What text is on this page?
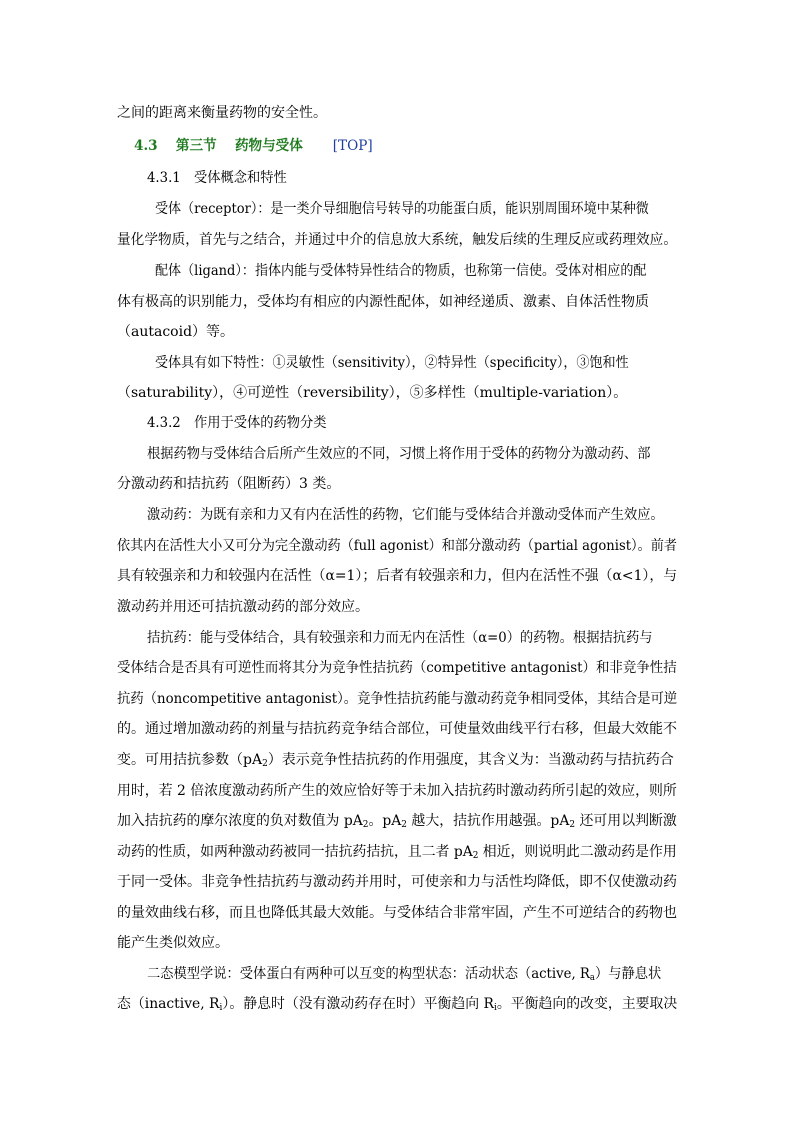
之间的距离来衡量药物的安全性。
4.3 第三节 药物与受体 [TOP]
4.3.1　受体概念和特性
受体（receptor）：是一类介导细胞信号转导的功能蛋白质，能识别周围环境中某种微
量化学物质，首先与之结合，并通过中介的信息放大系统，触发后续的生理反应或药理效应。
配体（ligand）：指体内能与受体特异性结合的物质，也称第一信使。受体对相应的配
体有极高的识别能力，受体均有相应的内源性配体，如神经递质、激素、自体活性物质
（autacoid）等。
受体具有如下特性：①灵敏性（sensitivity），②特异性（specificity），③饱和性
（saturability），④可逆性（reversibility），⑤多样性（multiple-variation）。
4.3.2　作用于受体的药物分类
根据药物与受体结合后所产生效应的不同，习惯上将作用于受体的药物分为激动药、部
分激动药和拮抗药（阻断药）3 类。
激动药：为既有亲和力又有内在活性的药物，它们能与受体结合并激动受体而产生效应。
依其内在活性大小又可分为完全激动药（full agonist）和部分激动药（partial agonist）。前者
具有较强亲和力和较强内在活性（α=1）；后者有较强亲和力，但内在活性不强（α<1），与
激动药并用还可拮抗激动药的部分效应。
拮抗药：能与受体结合，具有较强亲和力而无内在活性（α=0）的药物。根据拮抗药与
受体结合是否具有可逆性而将其分为竞争性拮抗药（competitive antagonist）和非竞争性拮
抗药（noncompetitive antagonist）。竞争性拮抗药能与激动药竞争相同受体，其结合是可逆
的。通过增加激动药的剂量与拮抗药竞争结合部位，可使量效曲线平行右移，但最大效能不
变。可用拮抗参数$(pA_2)$表示竞争性拮抗药的作用强度，其含义为：当激动药与拮抗药合
用时，若 2 倍浓度激动药所产生的效应恰好等于未加入拮抗药时激动药所引起的效应，则所
加入拮抗药的摩尔浓度的负对数值为 $pA_2$。$pA_2$ 越大，拮抗作用越强。$pA_2$ 还可用以判断激
动药的性质，如两种激动药被同一拮抗药拮抗，且二者 $pA_2$ 相近，则说明此二激动药是作用
于同一受体。非竞争性拮抗药与激动药并用时，可使亲和力与活性均降低，即不仅使激动药
的量效曲线右移，而且也降低其最大效能。与受体结合非常牢固，产生不可逆结合的药物也
能产生类似效应。
二态模型学说：受体蛋白有两种可以互变的构型状态：活动状态（active, $R_a$）与静息状
态（inactive, $R_i$）。静息时（没有激动药存在时）平衡趋向 $R_i$。平衡趋向的改变，主要取决
